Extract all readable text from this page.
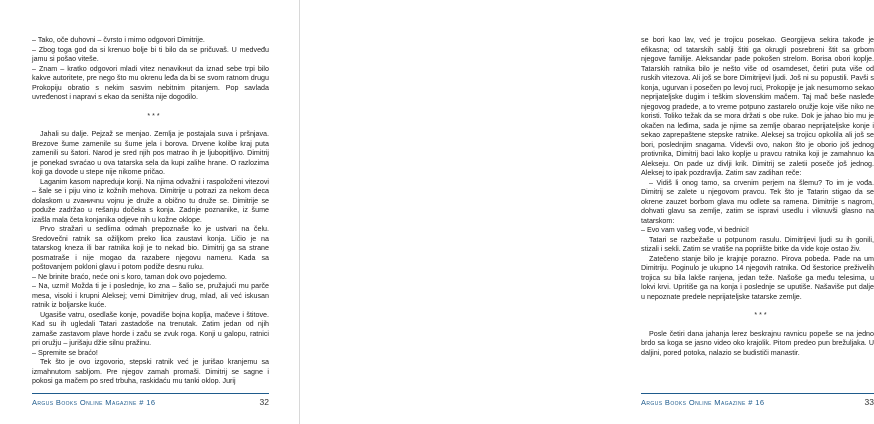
– Tako, oče duhovni – čvrsto i mirno odgovori Dimitrije.

– Zbog toga god da si krenuo bolje bi ti bilo da se pričuvaš. U medveđu jamu si pošao vitešе.

– Znam – kratko odgovori mladi vitez nenavikнut da iznad sebe trpi bilo kakve autoritete, pre nego što mu okrenu leđa da bi se svom ratnom drugu Prokopiju obratio s nekim sasvim nebitnim pitanjem. Pop savlada uvređenost i napravi s ekao da seništa nije dogodilo.

***

Jahali su dalje. Pejzaž se menjao. Zemlja je postajala suva i pršnjava. Brezove šume zamenile su šume jela i borova. Drvene kolibe kraj puta zamenili su šatori. Narod je sred njih pos matrao ih je ljubopitljivo. Dimitrij je ponekad svraćao u ova tatarska sela da kupi zalihe hrane. O razlozima koji ga dovode u stepe nije nikome pričao.

Lagaпim kasom napredujи konji. Na njima odvažni i raspoloženi vitezovi – šale se i piju vino iz kožnih mehova. Dimitrije u potrazi za nekom deca dolaskom u zvaничnu vojnu je druže a obično tu druže se. Dimitrije se poduže zadržao u rešanju dočeka s konja. Zadnje poznanike, iz šume izašla mala četa konjanika odjeve nih u kožne oklope.

Prvo stražari u sedlima odmah prepoznaše ko je ustvari na čelu. Sredovečni ratnik sa ožiljkom preko lica zaustavi konja. Ličio je na tatarskog kneza ili bar ratnika koji je to nekad bio. Dimitrij ga sa strane posmatraše i nije mogao da razabere njegovu nameru. Kada sa poštovanjem pokloni glavu i potom podiže desnu ruku.

– Ne brinite braćo, neće oni s koro, taman dok ovo pojedemo.

– Na, uzmi! Možda ti je i poslednje, ko zna – šalio se, pružajući mu parče mesa, visoki i krupni Aleksej; verni Dimitrijev drug, mlad, ali već iskusan ratnik iz boljarske kuće.

Ugasiše vatru, osedlaše konje, povadiše bojna koplja, mačeve i štitove. Kad su ih ugledali Tatari zastadoše na trenutak. Zatim jedan od njih zamaše zastavom plave horde i začu se zvuk roga. Konji u galopu, ratnici pri oružju – jurišaju džiе silnu pražinu.

– Spremite se braćo!

Tek što je ovo izgovorio, stepski ratnik već je jurišao kranjemu sa izmahnutom sabljom. Pre njegov zamah promaši. Dimitrij se sagne i pokosi ga mačem po sred trbuha, raskidaću mu tanki oklop. Jurij

Argus Books Online Magazine # 16	32

se bori kao lav, već je trojicu posekao. Georgijeva sekira takođe je efikasna; od tatarskih sablji štiti ga okrugli posrebreni štit sa grbom njegove familije. Aleksandar pade pokošen strelom. Borisa obori koplje. Tatarskih ratnika bilo je nešto više od osamdeset, četiri puta više od ruskih vitezova. Ali još se bore Dimitrijevi ljudi. Još ni su popustili. Pavši s konja, ugurvan i posečen po levoj ruci, Prokopije je jak nesumorno sekao neprijateljske dugim i teškim slovenskim mačem. Taj mač beše nasleđe njegovog pradede, a to vreme potpuno zastarelo oružje koje više niko ne koristi. Toliko težak da se mora držati s obe ruke. Dok je jahao bio mu je okačen na leđima, sada je njime sa zemlje obarao neprijateljske konje i sekao zaprepaštene stepske ratnike. Aleksej sa trojicu opkolila ali još se bori, poslednjim snagama. Videvši ovo, nakon što je oborio još jednog protivnika, Dimitrij baci lako koplje u pravcu ratnika koji je zamahnuo ka Alekseju. On pade uz divlji krik. Dimitrij se zaletii poseče još jednog. Aleksej to ipak pozdravlja. Zatim sav zadihan reče:

– Vidiš li onog tamo, sa crvenim perjem na šlemu? To im je vođa. Dimitrij se zalete u njegovom pravcu. Tek što je Tatarin stigao da se okrene zauzet borbom glava mu odlete sa ramena. Dimitrije s nagrom, dohvati glavu sa zemlje, zatim se ispravi usedlu i viknuvši glasno na tatarskom:

– Evo vam vašeg vođe, vi bednici!

Tatari se razbežaše u potpunom rasulu. Dimitrijevi ljudi su ih gonili, stizali i sekli. Zatim se vratiše na popriište bitke da vide koje ostao živ.

Zatečeno stanje bilo je krajnje porazno. Pirova pobeda. Pade na um Dimitriju. Poginulo je ukupno 14 njegovih ratnika. Od šestorice preživelih trojica su bila lakše ranjena, jedan teže. Našoše ga među telesima, u lokvi krvi. Upritiše ga na konja i poslednje se uputiše. Našaviše put dalje u nepoznate predele neprijateljske tatarske zemlje.

***

Posle četiri dana jahanja lerez beskrajnu ravnicu popeše se na jedno brdo sa koga se jasno video oko krajolik. Pitom predeo pun brežuljaka. U daljini, pored potoka, nalazio se budističi manastir.

Argus Books Online Magazine # 16	33
